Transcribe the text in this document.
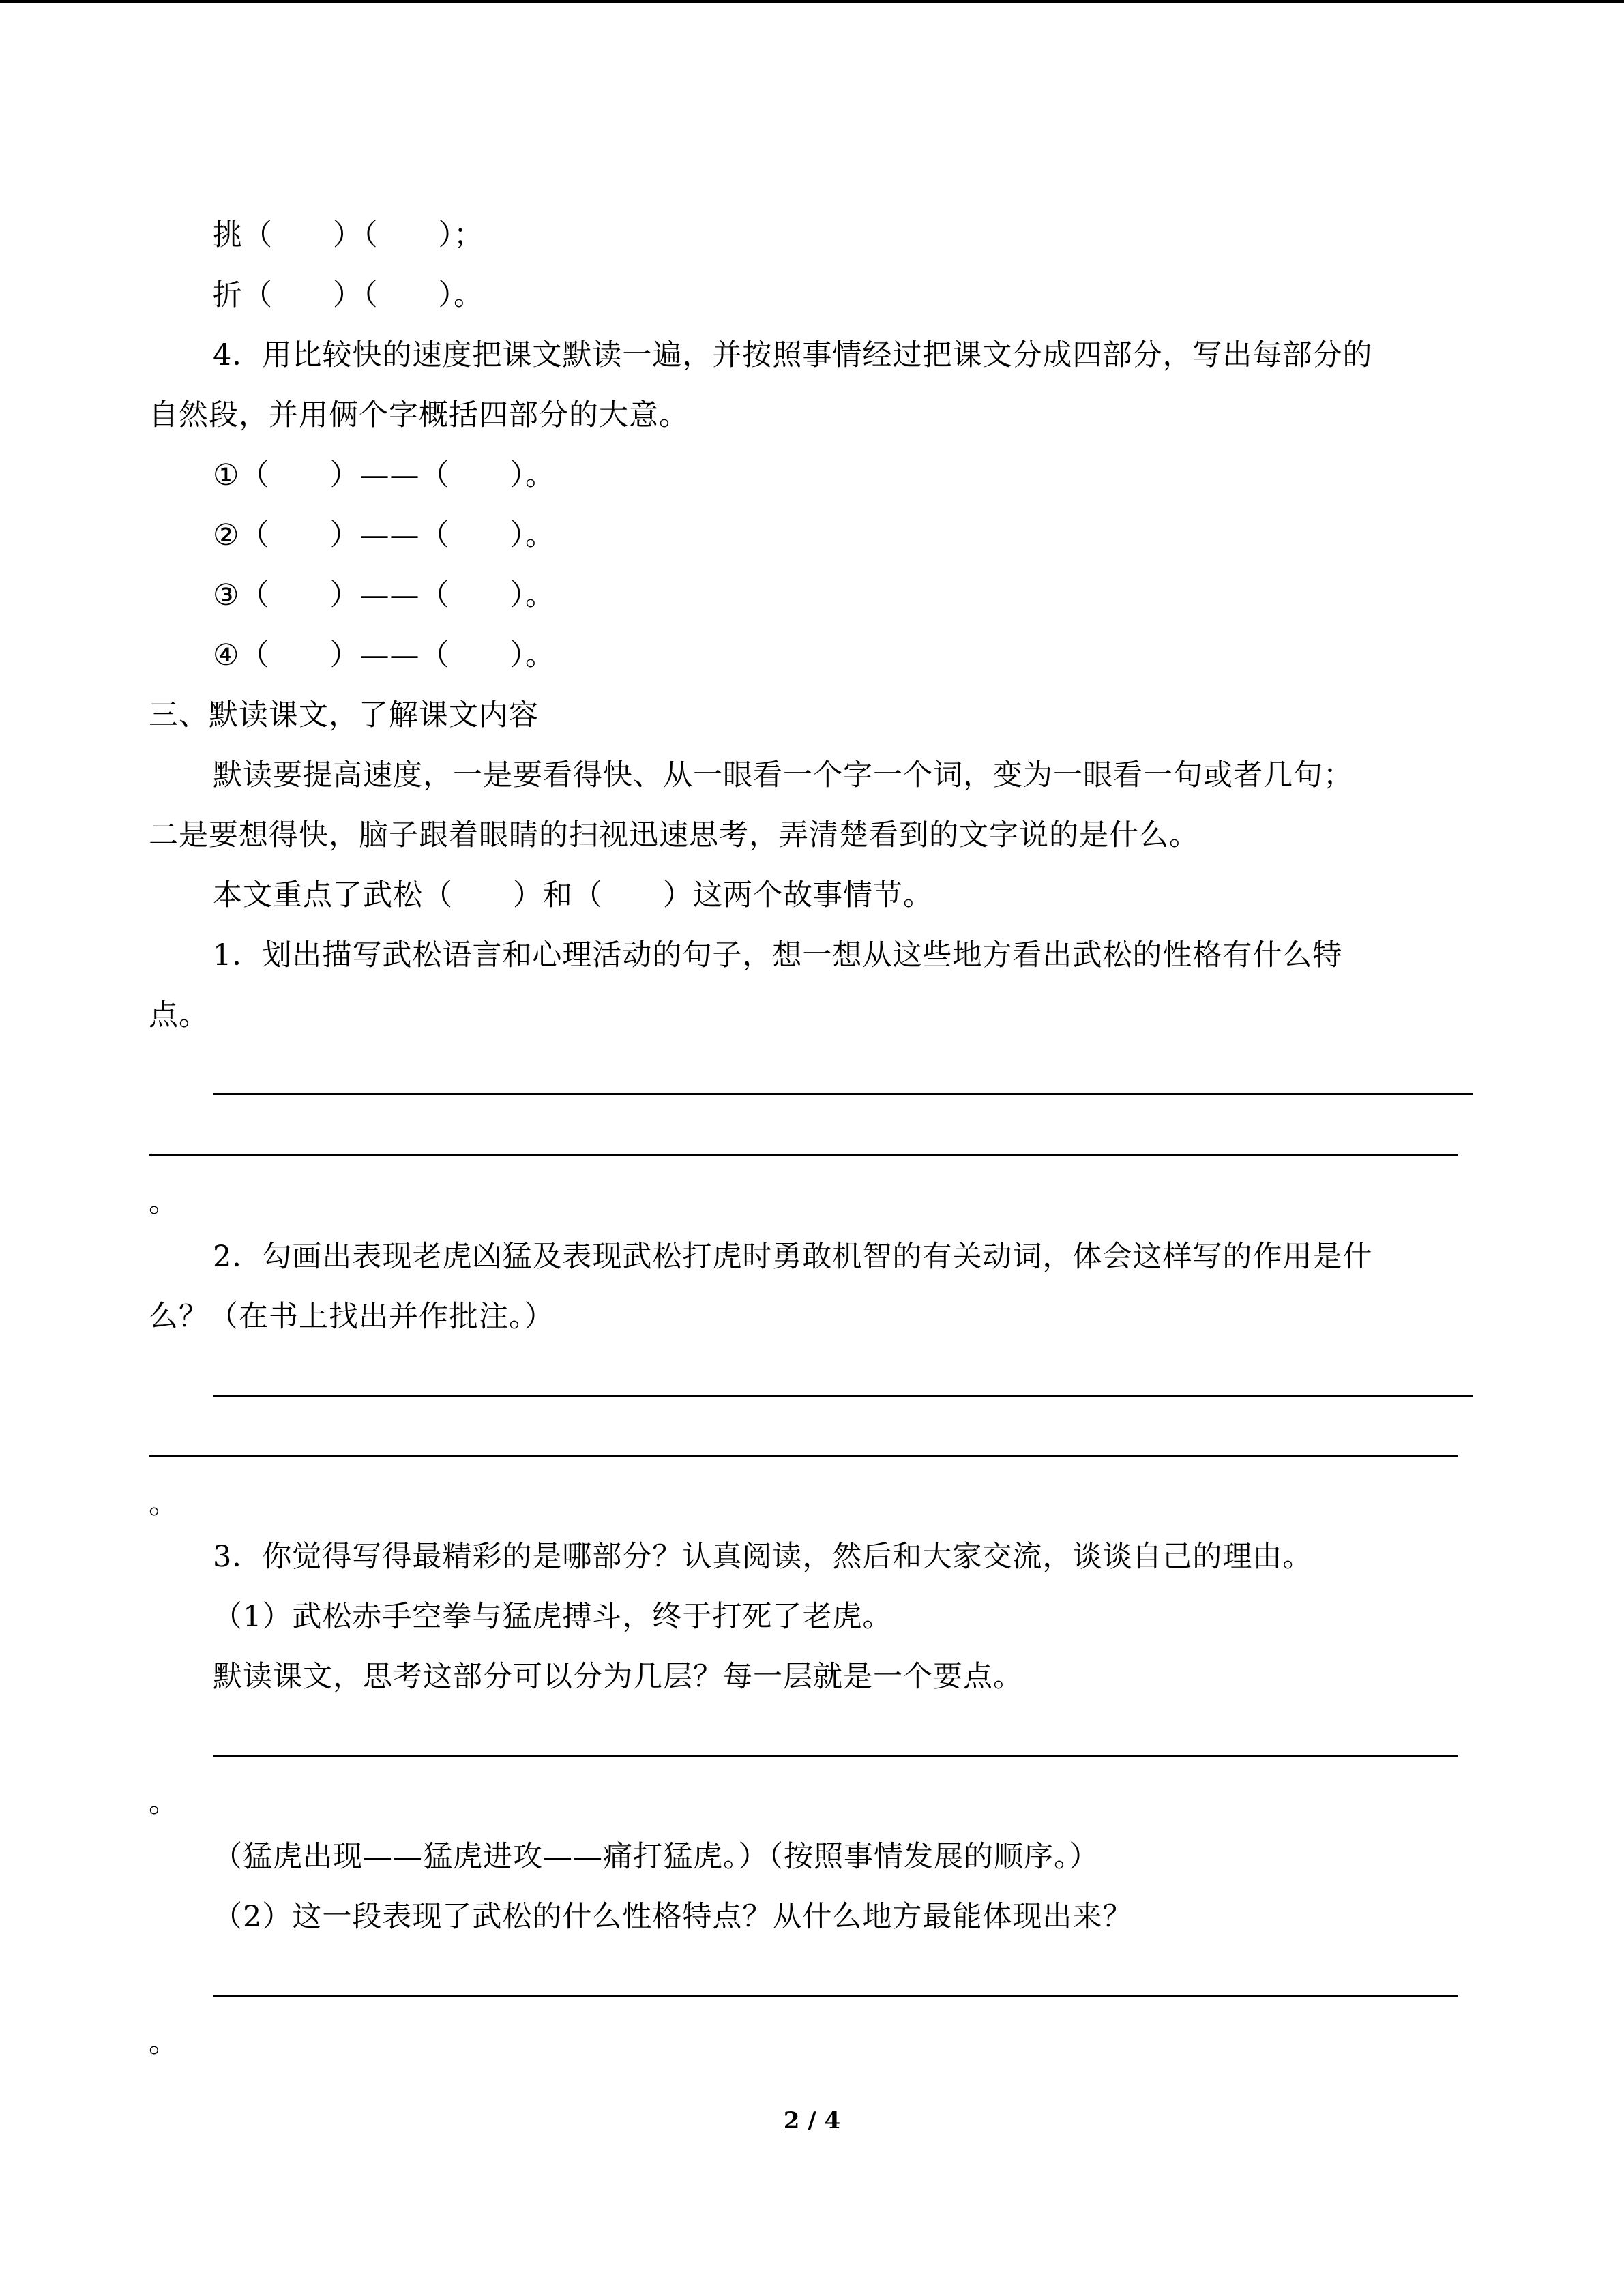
挑（　　）（　　）；
折（　　）（　　）。
4．用比较快的速度把课文默读一遍，并按照事情经过把课文分成四部分，写出每部分的
自然段，并用俩个字概括四部分的大意。
①（　　）——（　　）。
②（　　）——（　　）。
③（　　）——（　　）。
④（　　）——（　　）。
三、默读课文，了解课文内容
默读要提高速度，一是要看得快、从一眼看一个字一个词，变为一眼看一句或者几句；
二是要想得快，脑子跟着眼睛的扫视迅速思考，弄清楚看到的文字说的是什么。
本文重点了武松（　　）和（　　）这两个故事情节。
1．划出描写武松语言和心理活动的句子，想一想从这些地方看出武松的性格有什么特
点。
。
2．勾画出表现老虎凶猛及表现武松打虎时勇敢机智的有关动词，体会这样写的作用是什
么？（在书上找出并作批注。）
。
3．你觉得写得最精彩的是哪部分？认真阅读，然后和大家交流，谈谈自己的理由。
（1）武松赤手空拳与猛虎搏斗，终于打死了老虎。
默读课文，思考这部分可以分为几层？每一层就是一个要点。
。
（猛虎出现——猛虎进攻——痛打猛虎。）（按照事情发展的顺序。）
（2）这一段表现了武松的什么性格特点？从什么地方最能体现出来？
。
2 / 4
